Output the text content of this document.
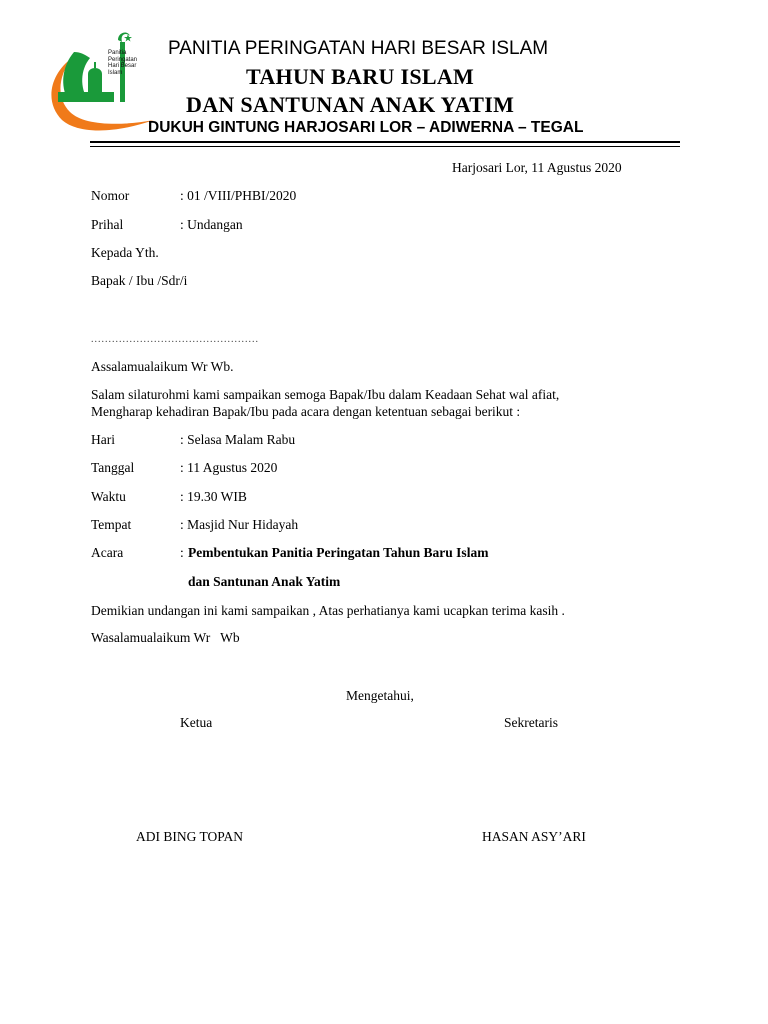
Panitia
Peringatan
Hari Besar
Islam
PANITIA PERINGATAN HARI BESAR ISLAM
TAHUN BARU ISLAM
DAN SANTUNAN ANAK YATIM
DUKUH GINTUNG HARJOSARI LOR – ADIWERNA – TEGAL
Harjosari Lor, 11 Agustus 2020
Nomor	: 01 /VIII/PHBI/2020
Prihal	: Undangan
Kepada Yth.
Bapak / Ibu /Sdr/i
................................................
Assalamualaikum Wr Wb.
Salam silaturohmi kami sampaikan semoga Bapak/Ibu dalam Keadaan Sehat wal afiat,
Mengharap kehadiran Bapak/Ibu pada acara dengan ketentuan sebagai berikut :
Hari	: Selasa Malam Rabu
Tanggal	: 11 Agustus 2020
Waktu	: 19.30 WIB
Tempat	: Masjid Nur Hidayah
Acara	: Pembentukan Panitia Peringatan Tahun Baru Islam
dan Santunan Anak Yatim
Demikian undangan ini kami sampaikan , Atas perhatianya kami ucapkan terima kasih .
Wasalamualaikum Wr   Wb
Mengetahui,
Ketua	Sekretaris
ADI BING TOPAN	HASAN ASY’ARI
